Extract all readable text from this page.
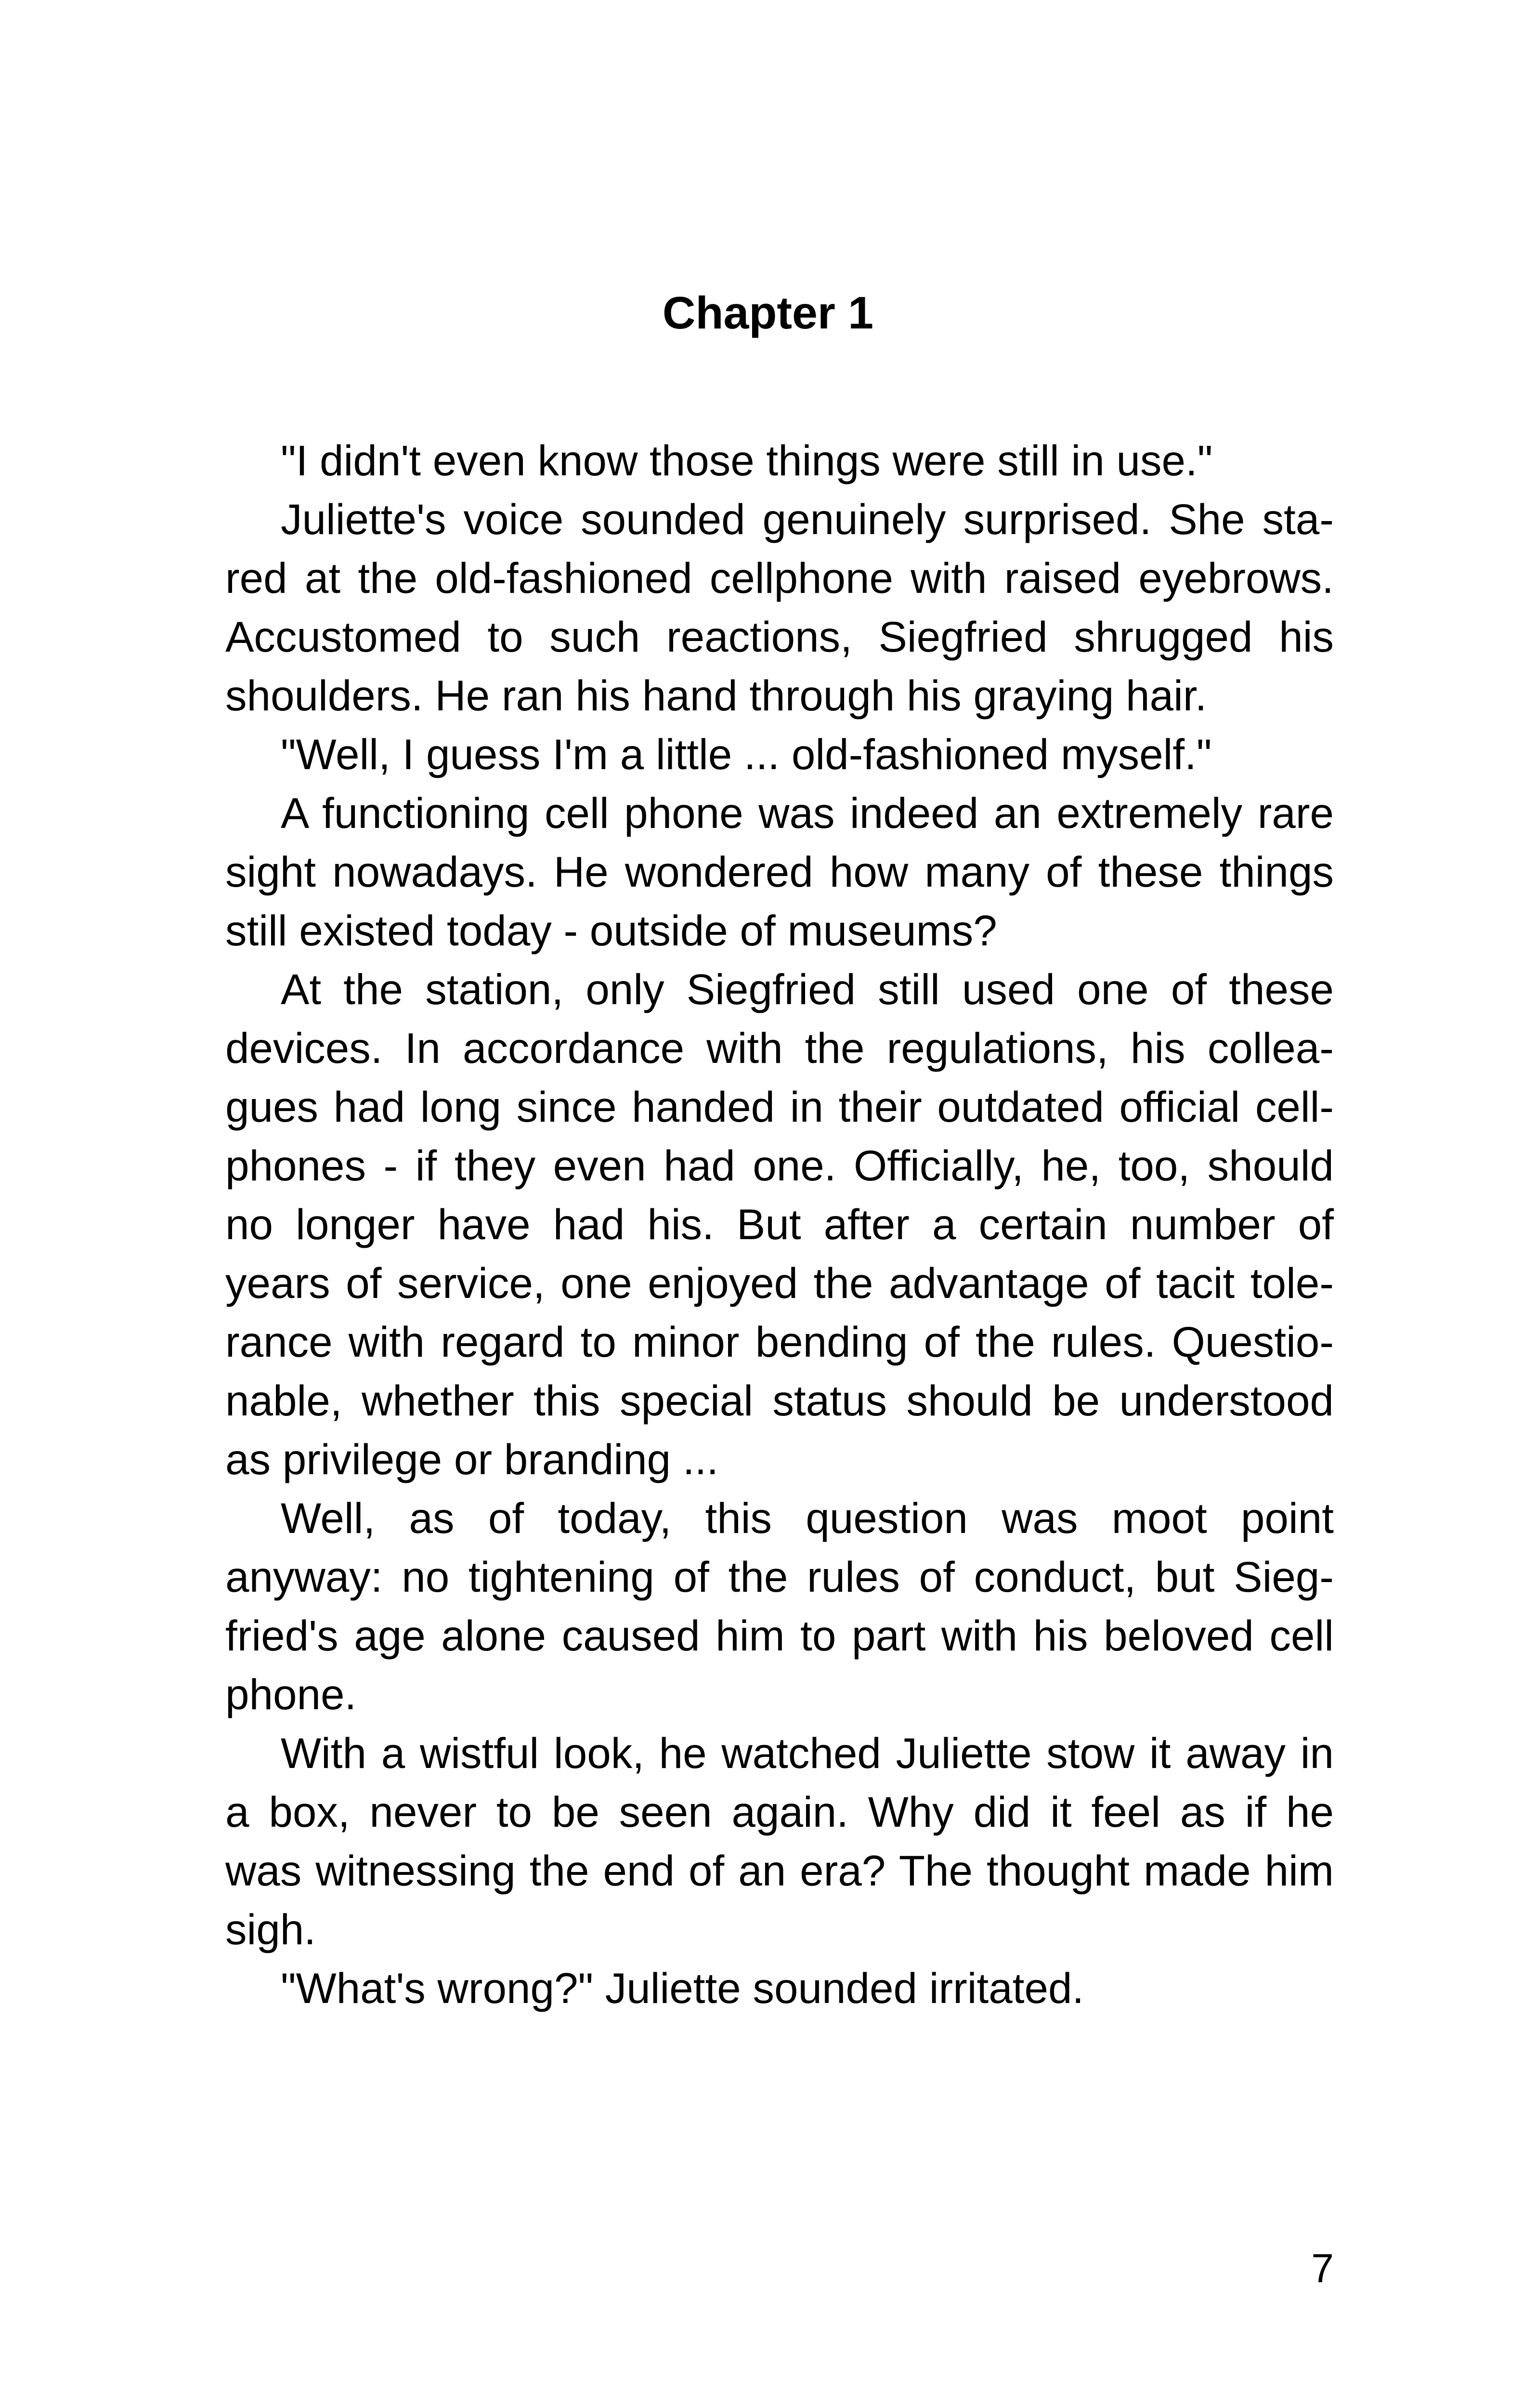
Chapter 1
"I didn't even know those things were still in use."
Juliette's voice sounded genuinely surprised. She sta-
red at the old-fashioned cellphone with raised eyebrows.
Accustomed to such reactions, Siegfried shrugged his
shoulders. He ran his hand through his graying hair.
"Well, I guess I'm a little ... old-fashioned myself."
A functioning cell phone was indeed an extremely rare
sight nowadays. He wondered how many of these things
still existed today - outside of museums?
At the station, only Siegfried still used one of these
devices. In accordance with the regulations, his collea-
gues had long since handed in their outdated official cell-
phones - if they even had one. Officially, he, too, should
no longer have had his. But after a certain number of
years of service, one enjoyed the advantage of tacit tole-
rance with regard to minor bending of the rules. Questio-
nable, whether this special status should be understood
as privilege or branding ...
Well, as of today, this question was moot point
anyway: no tightening of the rules of conduct, but Sieg-
fried's age alone caused him to part with his beloved cell
phone.
With a wistful look, he watched Juliette stow it away in
a box, never to be seen again. Why did it feel as if he
was witnessing the end of an era? The thought made him
sigh.
"What's wrong?" Juliette sounded irritated.
7
